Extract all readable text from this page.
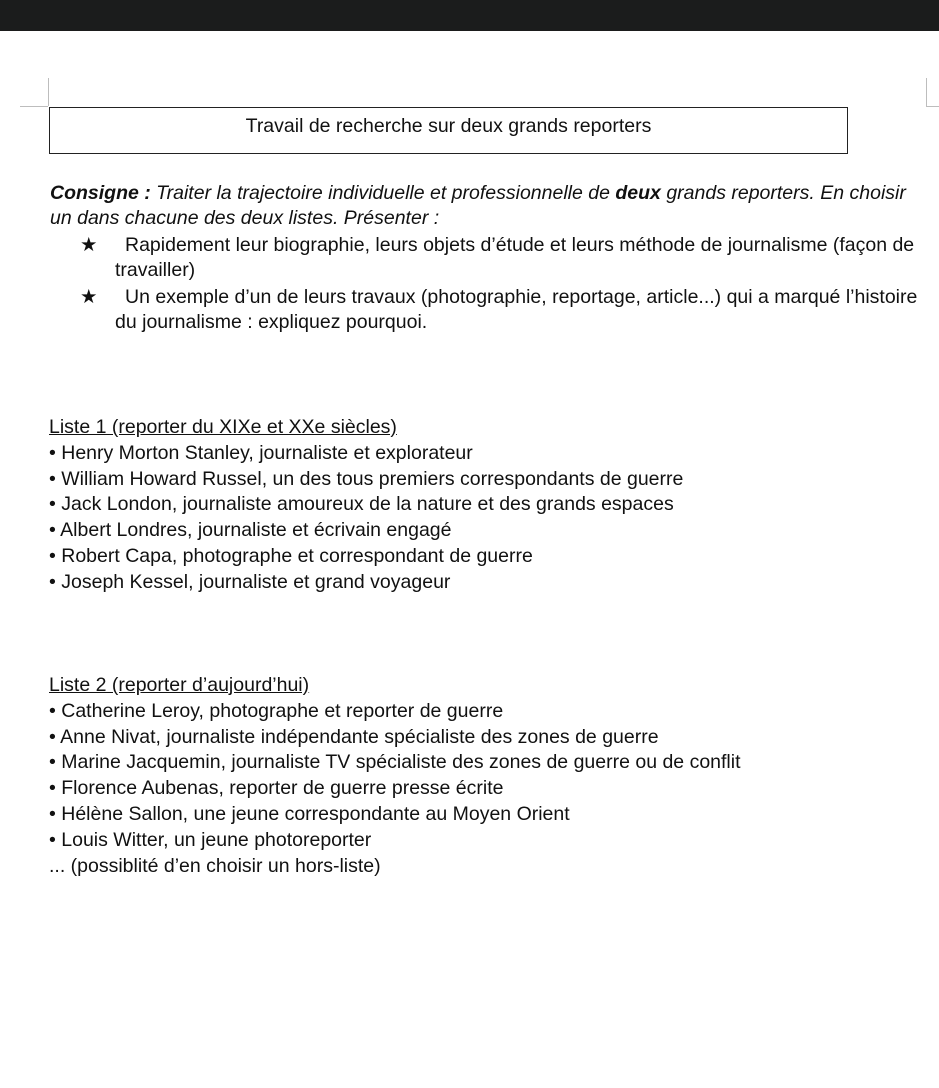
Travail de recherche sur deux grands reporters
Consigne : Traiter la trajectoire individuelle et professionnelle de deux grands reporters. En choisir un dans chacune des deux listes. Présenter :
★	Rapidement leur biographie, leurs objets d’étude et leurs méthode de journalisme (façon de travailler)
★	Un exemple d’un de leurs travaux (photographie, reportage, article...) qui a marqué l’histoire du journalisme : expliquez pourquoi.
Liste 1 (reporter du XIXe et XXe siècles)
• Henry Morton Stanley, journaliste et explorateur
• William Howard Russel, un des tous premiers correspondants de guerre
• Jack London, journaliste amoureux de la nature et des grands espaces
• Albert Londres, journaliste et écrivain engagé
• Robert Capa, photographe et correspondant de guerre
• Joseph Kessel, journaliste et grand voyageur
Liste 2 (reporter d’aujourd’hui)
• Catherine Leroy, photographe et reporter de guerre
• Anne Nivat, journaliste indépendante spécialiste des zones de guerre
• Marine Jacquemin, journaliste TV spécialiste des zones de guerre ou de conflit
• Florence Aubenas, reporter de guerre presse écrite
• Hélène Sallon, une jeune correspondante au Moyen Orient
• Louis Witter, un jeune photoreporter
... (possiblité d’en choisir un hors-liste)
